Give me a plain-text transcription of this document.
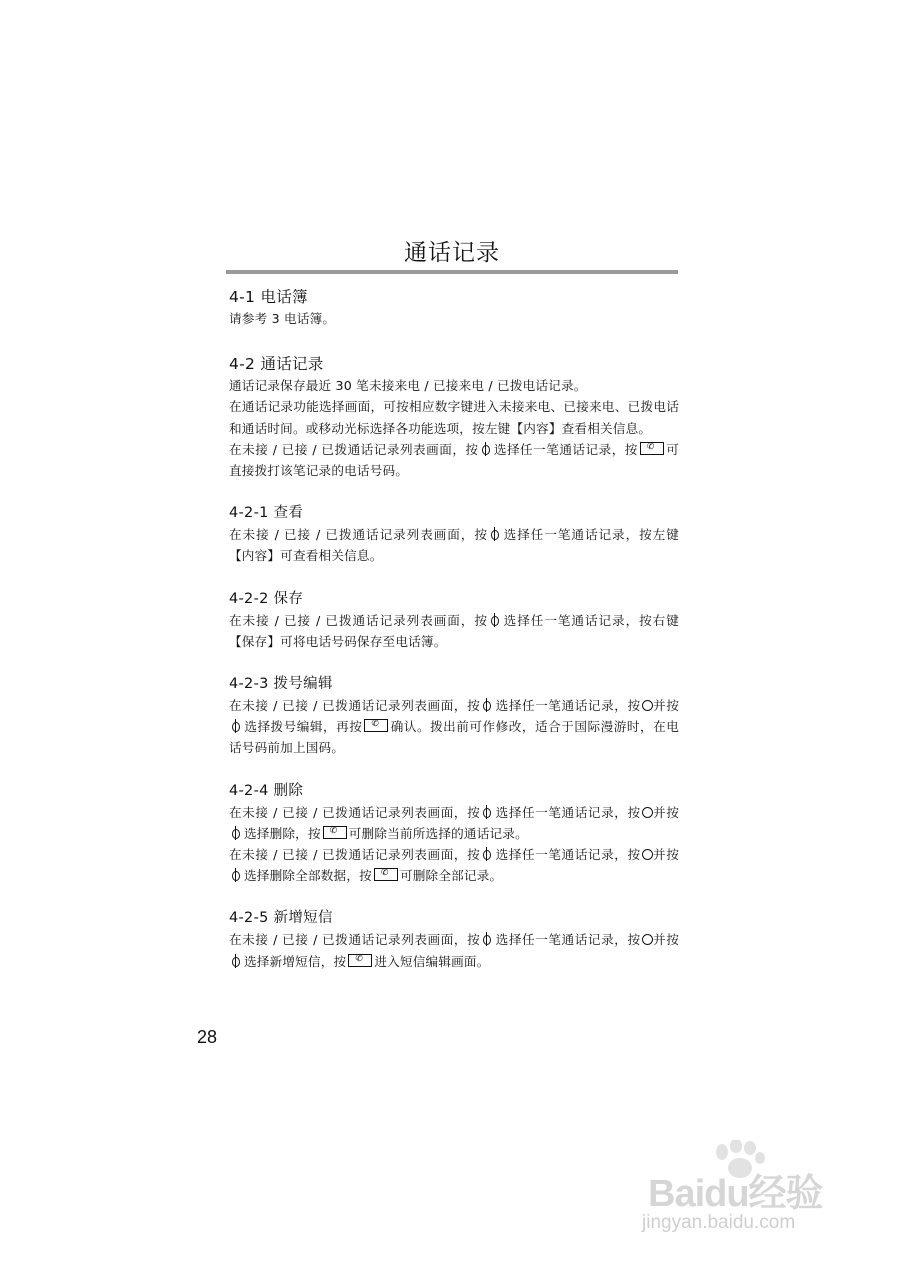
通话记录

4-1 电话簿

请参考 3 电话簿。

4-2 通话记录

通话记录保存最近 30 笔未接来电 / 已接来电 / 已拨电话记录。

在通话记录功能选择画面，可按相应数字键进入未接来电、已接来电、已拨电话和通话时间。或移动光标选择各功能选项，按左键【内容】查看相关信息。

在未接 / 已接 / 已拨通话记录列表画面，按 选择任一笔通话记录，按 ✆ 可直接拨打该笔记录的电话号码。

4-2-1 查看

在未接 / 已接 / 已拨通话记录列表画面，按 选择任一笔通话记录，按左键【内容】可查看相关信息。

4-2-2 保存

在未接 / 已接 / 已拨通话记录列表画面，按 选择任一笔通话记录，按右键【保存】可将电话号码保存至电话簿。

4-2-3 拨号编辑

在未接 / 已接 / 已拨通话记录列表画面，按 选择任一笔通话记录，按 并按选择拨号编辑，再按 ✆ 确认。拨出前可作修改，适合于国际漫游时，在电话号码前加上国码。

4-2-4 删除

在未接 / 已接 / 已拨通话记录列表画面，按 选择任一笔通话记录，按 并按选择删除，按 ✆ 可删除当前所选择的通话记录。

在未接 / 已接 / 已拨通话记录列表画面，按 选择任一笔通话记录，按 并按选择删除全部数据，按 ✆ 可删除全部记录。

4-2-5 新增短信

在未接 / 已接 / 已拨通话记录列表画面，按 选择任一笔通话记录，按 并按选择新增短信，按 ✆ 进入短信编辑画面。

28
Baidu经验
jingyan.baidu.com
